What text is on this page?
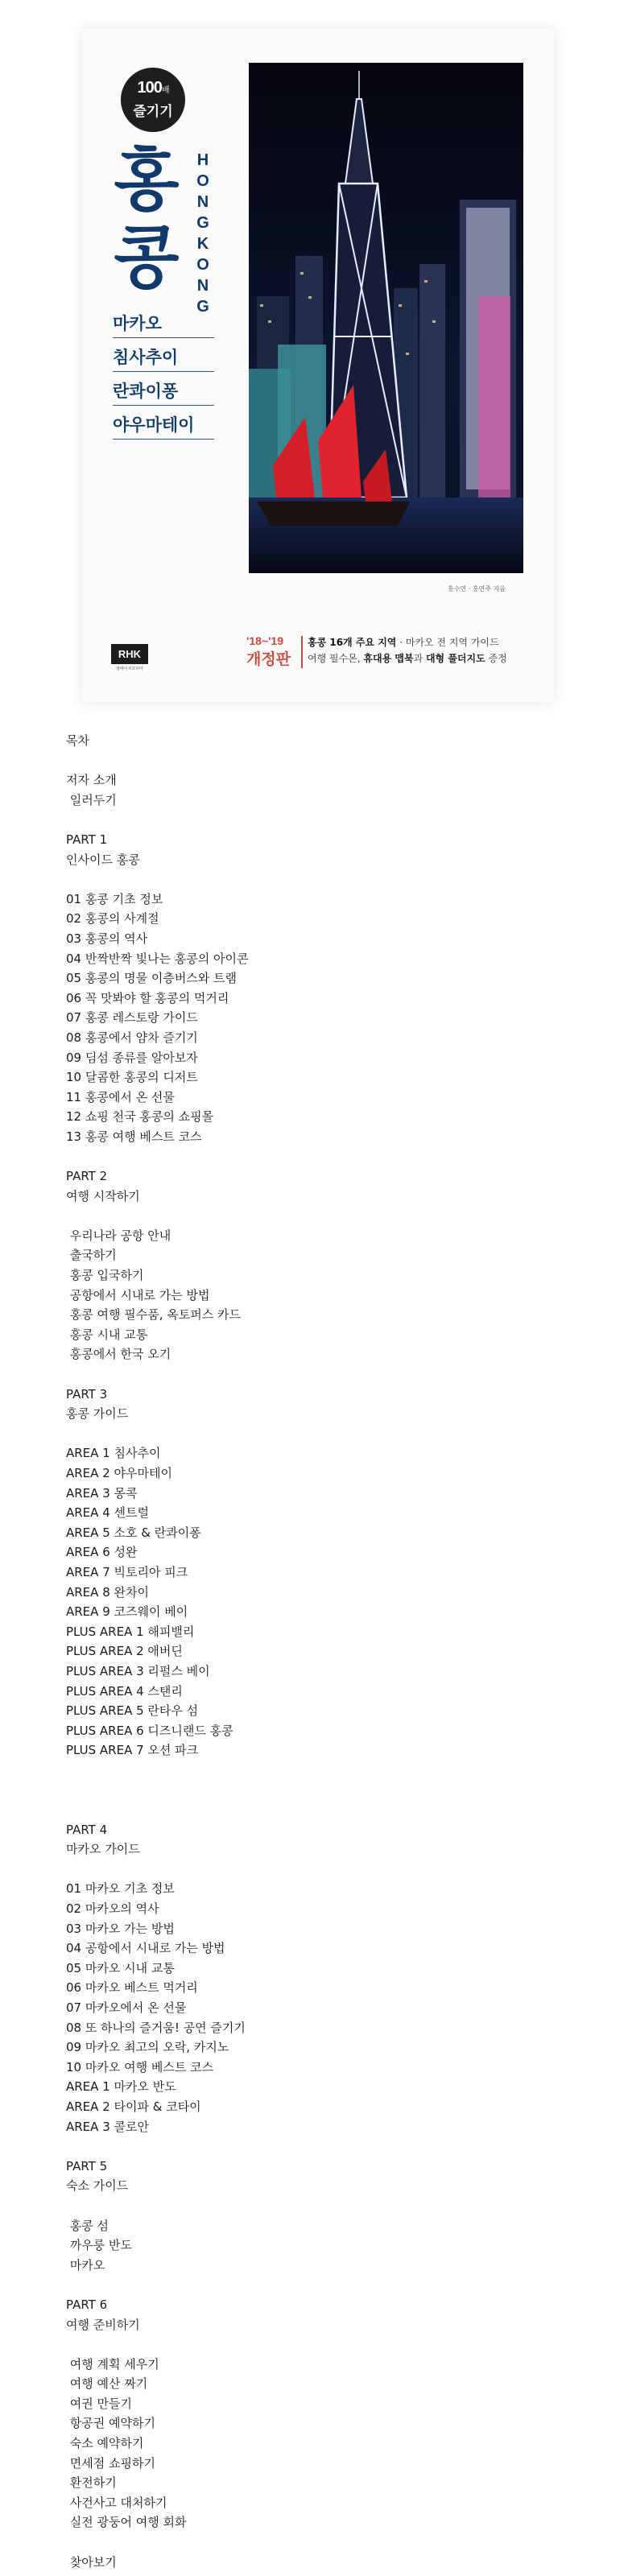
100배
즐기기
홍
콩
H
O
N
G
K
O
N
G
마카오
침사추이
란콰이퐁
야우마테이
홍수연 · 홍연주 지음
RHK
알에이치코리아
'18~'19
개정판
홍콩 16개 주요 지역 · 마카오 전 지역 가이드
여행 필수몬, 휴대용 맵북과 대형 풀더지도 증정
목차
저자 소개
일러두기
PART 1
인사이드 홍콩
01 홍콩 기초 정보
02 홍콩의 사계절
03 홍콩의 역사
04 반짝반짝 빛나는 홍콩의 아이콘
05 홍콩의 명물 이층버스와 트램
06 꼭 맛봐야 할 홍콩의 먹거리
07 홍콩 레스토랑 가이드
08 홍콩에서 얌차 즐기기
09 딤섬 종류를 알아보자
10 달콤한 홍콩의 디저트
11 홍콩에서 온 선물
12 쇼핑 천국 홍콩의 쇼핑몰
13 홍콩 여행 베스트 코스
PART 2
여행 시작하기
우리나라 공항 안내
출국하기
홍콩 입국하기
공항에서 시내로 가는 방법
홍콩 여행 필수품, 옥토퍼스 카드
홍콩 시내 교통
홍콩에서 한국 오기
PART 3
홍콩 가이드
AREA 1 침사추이
AREA 2 야우마테이
AREA 3 몽콕
AREA 4 센트럴
AREA 5 소호 & 란콰이퐁
AREA 6 성완
AREA 7 빅토리아 피크
AREA 8 완차이
AREA 9 코즈웨이 베이
PLUS AREA 1 해피밸리
PLUS AREA 2 애버딘
PLUS AREA 3 리펄스 베이
PLUS AREA 4 스탠리
PLUS AREA 5 란타우 섬
PLUS AREA 6 디즈니랜드 홍콩
PLUS AREA 7 오션 파크
PART 4
마카오 가이드
01 마카오 기초 정보
02 마카오의 역사
03 마카오 가는 방법
04 공항에서 시내로 가는 방법
05 마카오 시내 교통
06 마카오 베스트 먹거리
07 마카오에서 온 선물
08 또 하나의 즐거움! 공연 즐기기
09 마카오 최고의 오락, 카지노
10 마카오 여행 베스트 코스
AREA 1 마카오 반도
AREA 2 타이파 & 코타이
AREA 3 콜로안
PART 5
숙소 가이드
홍콩 섬
까우룽 반도
마카오
PART 6
여행 준비하기
여행 계획 세우기
여행 예산 짜기
여권 만들기
항공권 예약하기
숙소 예약하기
면세점 쇼핑하기
환전하기
사건사고 대처하기
실전 광둥어 여행 회화
찾아보기
